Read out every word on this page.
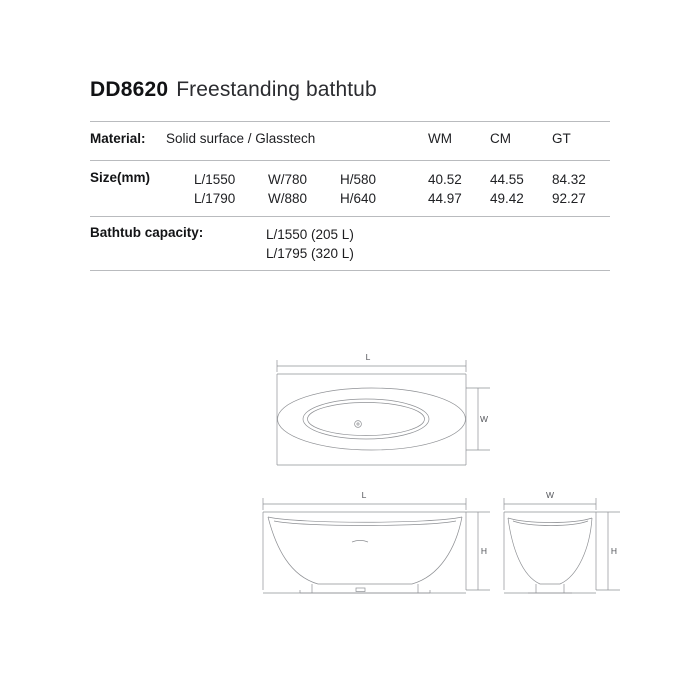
DD8620 Freestanding bathtub
Material: Solid surface / Glasstech	WM	CM	GT
Size(mm)	L/1550 W/780 H/580	40.52 44.55 84.32
L/1790 W/880 H/640	44.97 49.42 92.27
Bathtub capacity:	L/1550 (205 L)
L/1795 (320 L)
L
W
L
H
W
H
